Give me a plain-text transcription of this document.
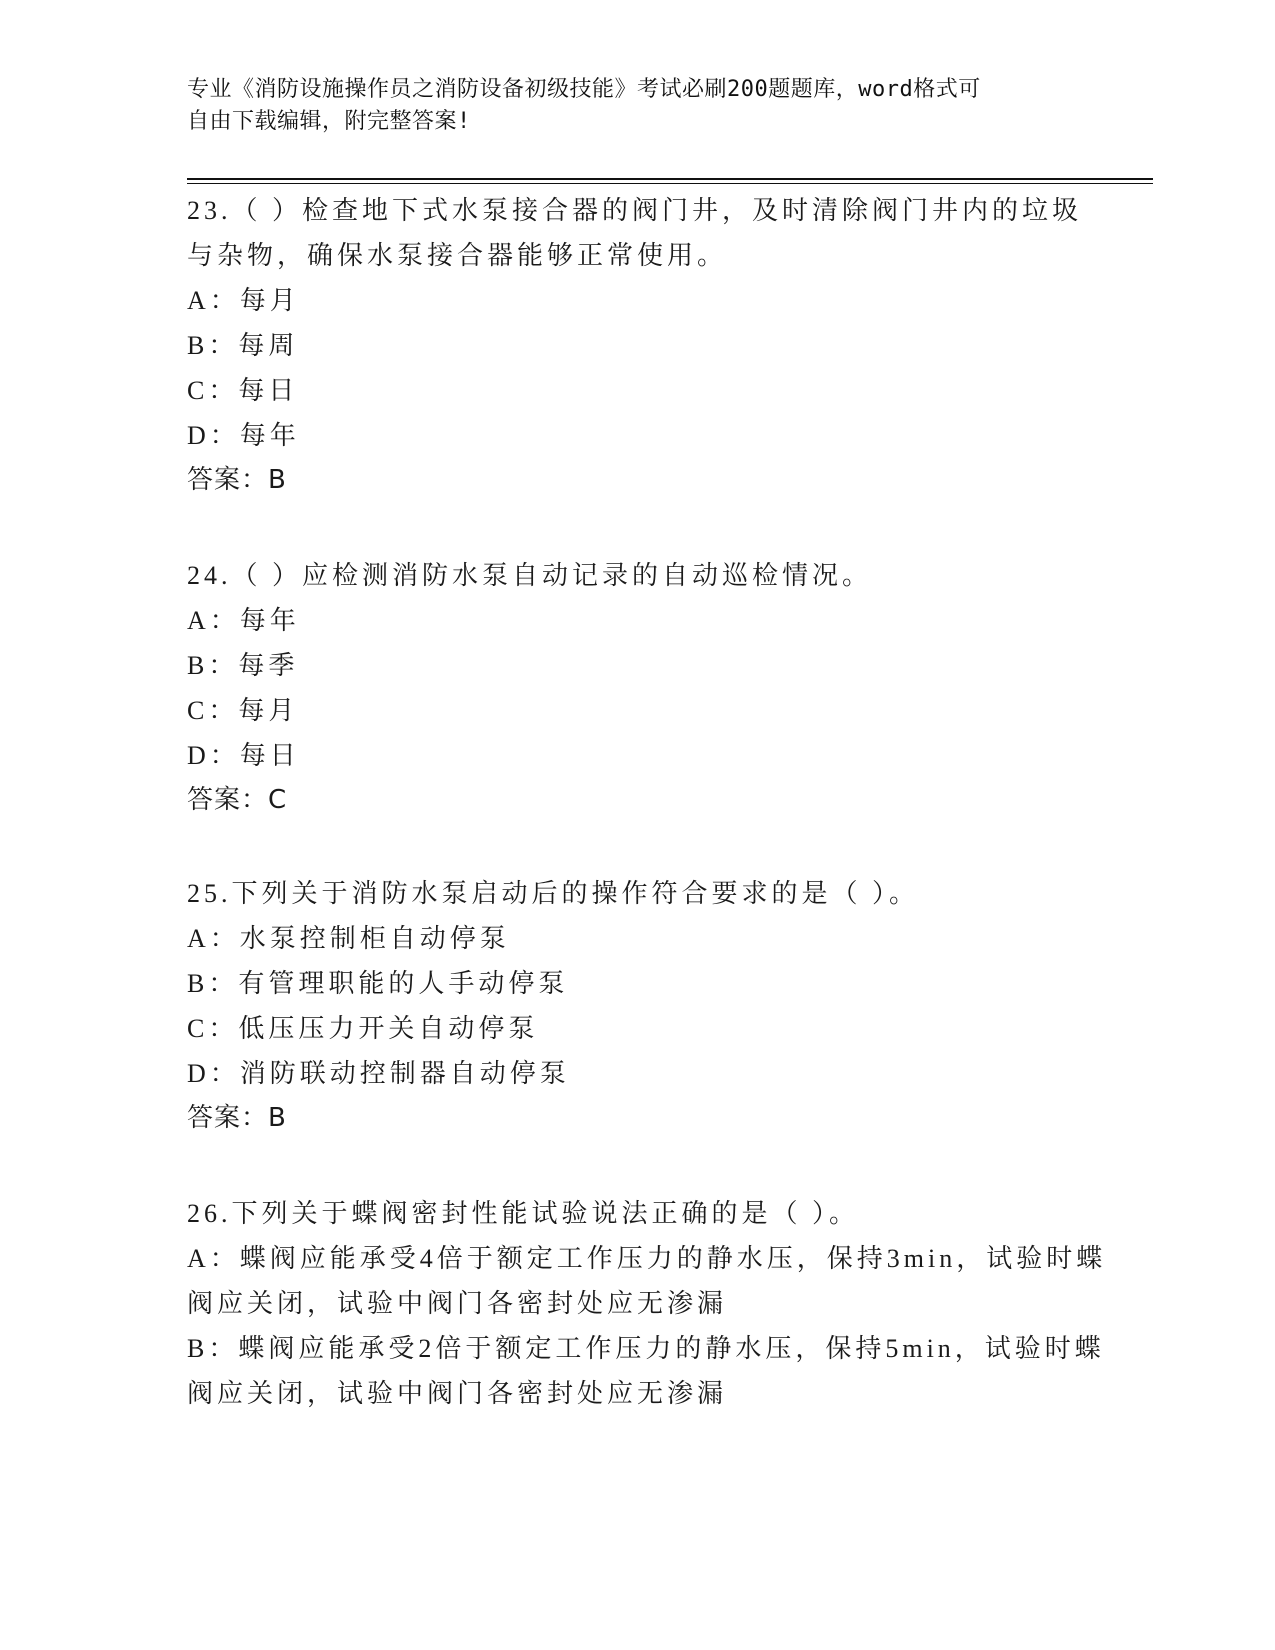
专业《消防设施操作员之消防设备初级技能》考试必刷200题题库，word格式可
自由下载编辑，附完整答案!
23.（ ）检查地下式水泵接合器的阀门井，及时清除阀门井内的垃圾
与杂物，确保水泵接合器能够正常使用。
A：每月
B：每周
C：每日
D：每年
答案：B
24.（ ）应检测消防水泵自动记录的自动巡检情况。
A：每年
B：每季
C：每月
D：每日
答案：C
25.下列关于消防水泵启动后的操作符合要求的是（ ）。
A：水泵控制柜自动停泵
B：有管理职能的人手动停泵
C：低压压力开关自动停泵
D：消防联动控制器自动停泵
答案：B
26.下列关于蝶阀密封性能试验说法正确的是（ ）。
A：蝶阀应能承受4倍于额定工作压力的静水压，保持3min，试验时蝶
阀应关闭，试验中阀门各密封处应无渗漏
B：蝶阀应能承受2倍于额定工作压力的静水压，保持5min，试验时蝶
阀应关闭，试验中阀门各密封处应无渗漏
